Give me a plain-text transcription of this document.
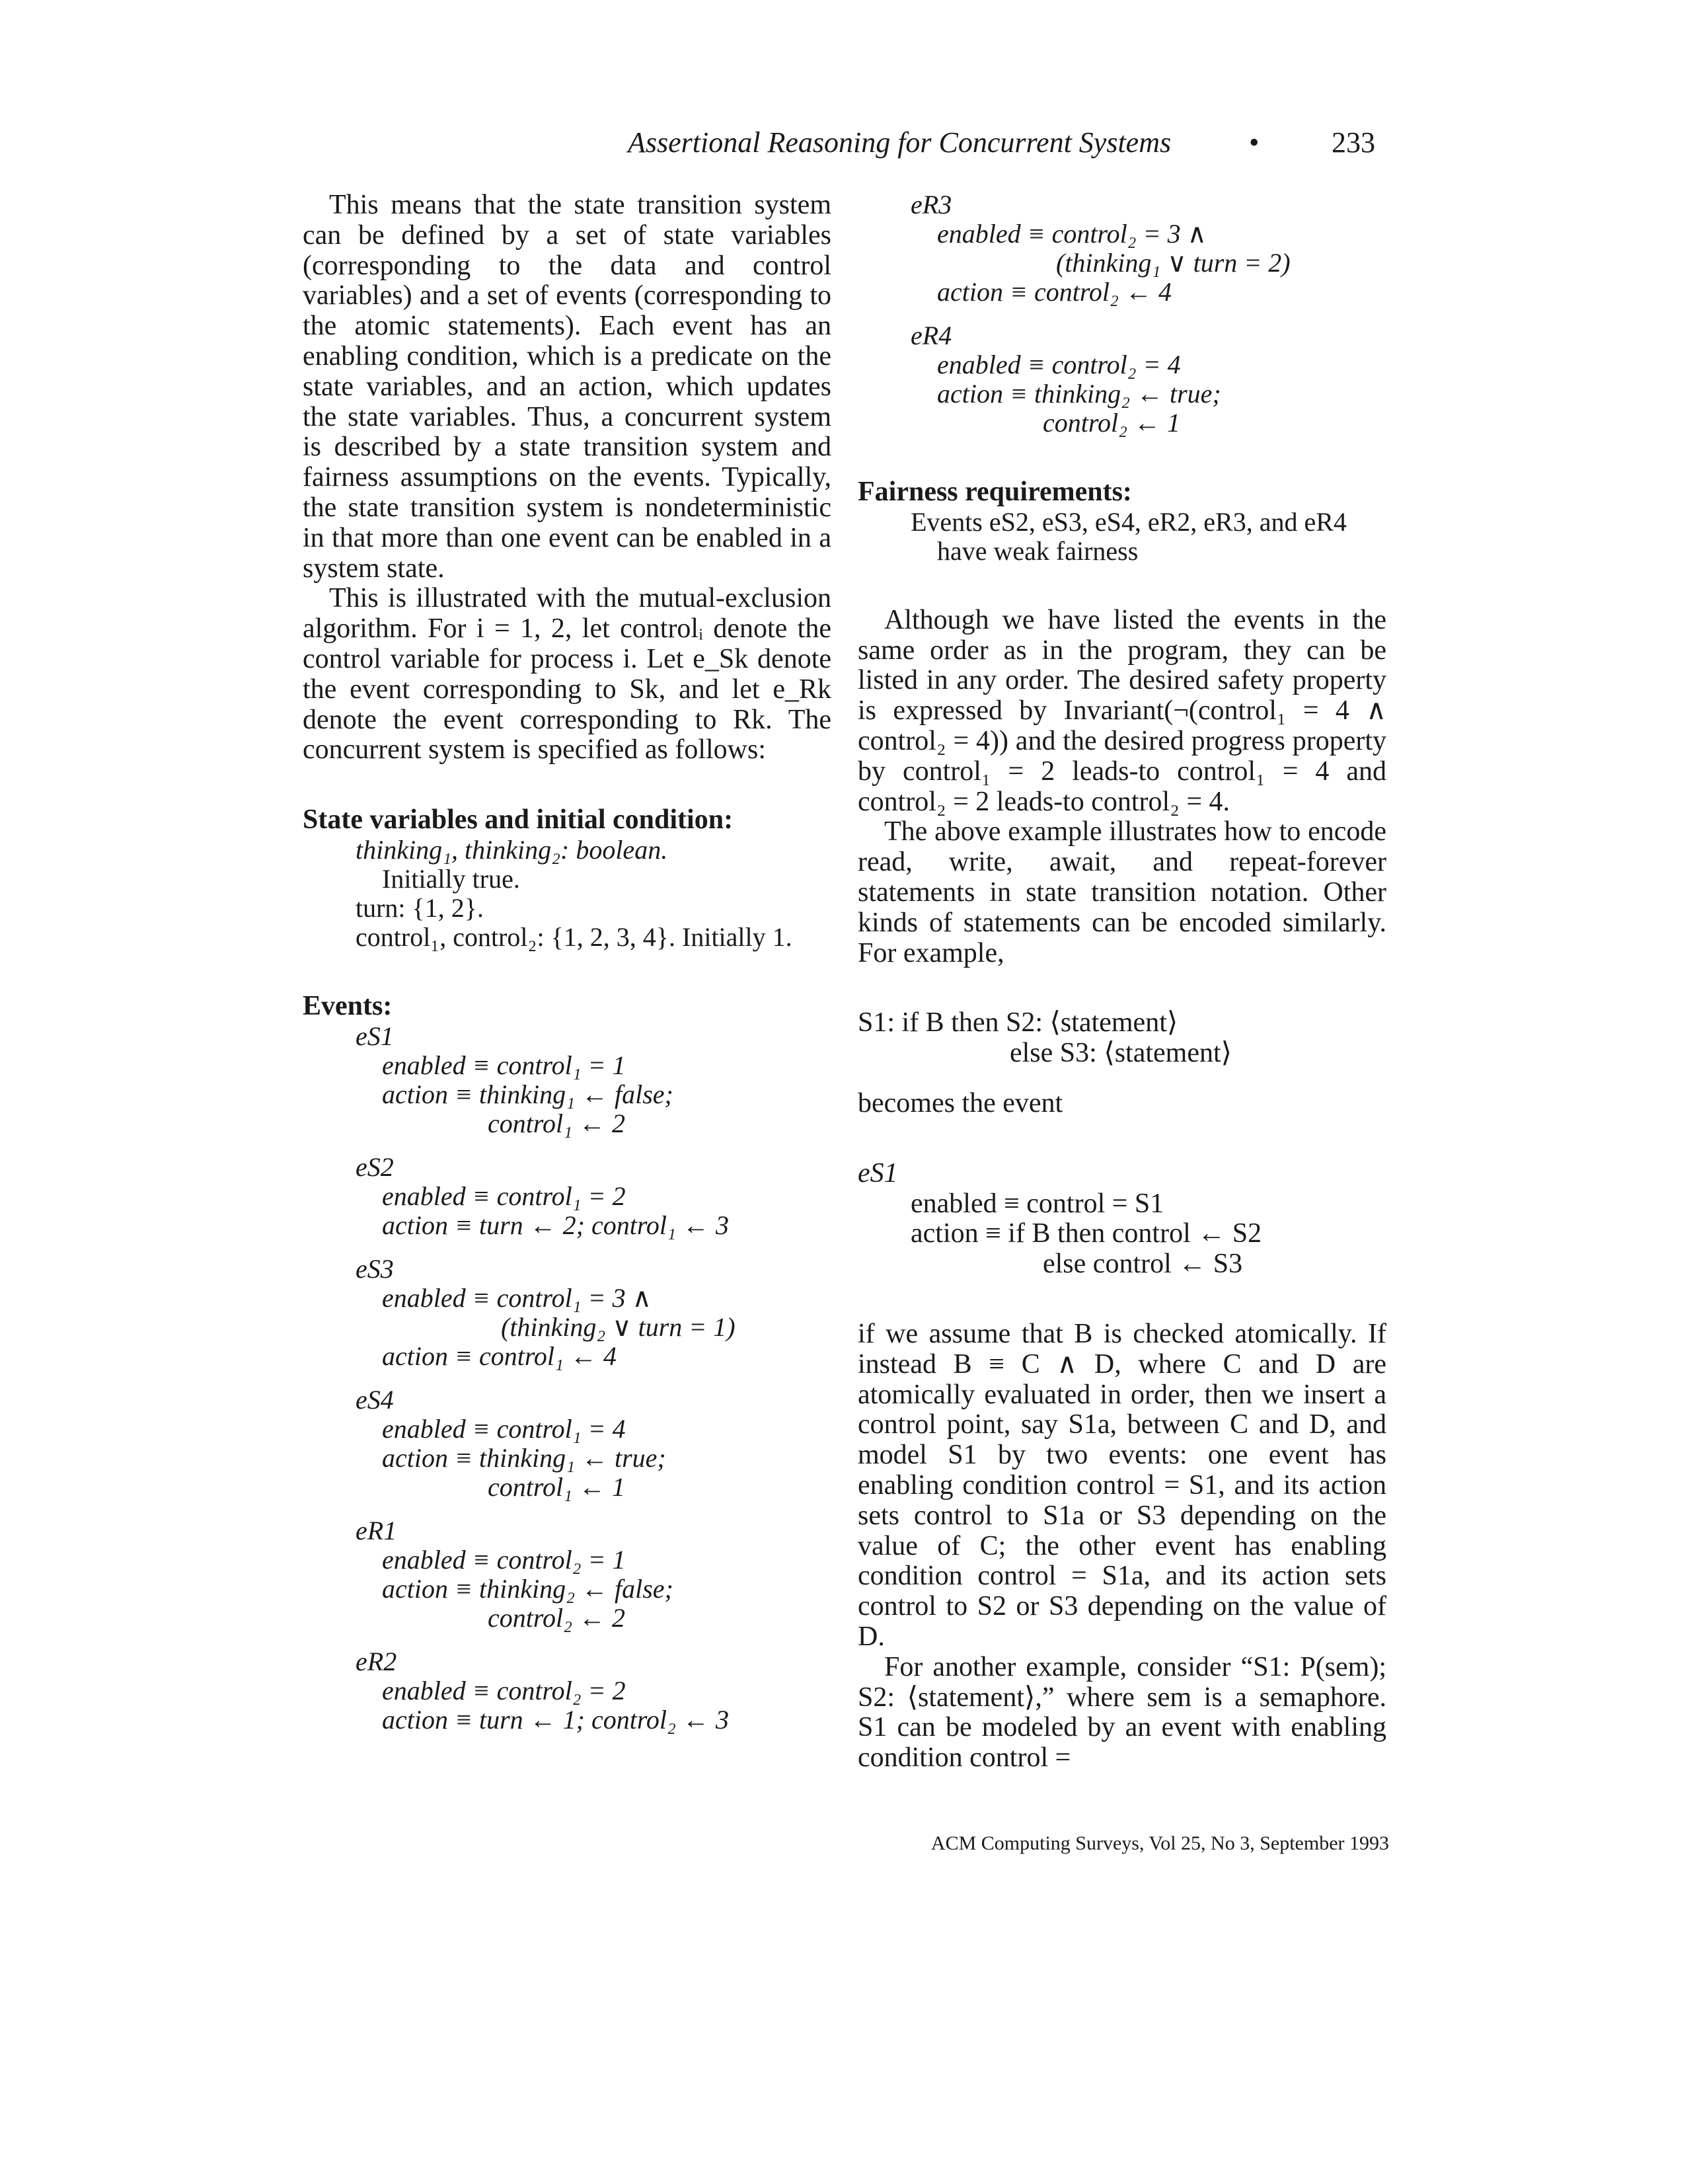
Assertional Reasoning for Concurrent Systems	• 233

This means that the state transition system can be defined by a set of state variables (corresponding to the data and control variables) and a set of events (corresponding to the atomic statements). Each event has an enabling condition, which is a predicate on the state variables, and an action, which updates the state variables. Thus, a concurrent system is described by a state transition system and fairness assumptions on the events. Typically, the state transition system is nondeterministic in that more than one event can be enabled in a system state.

This is illustrated with the mutual-exclusion algorithm. For i = 1, 2, let controlᵢ denote the control variable for process i. Let e_Sk denote the event corresponding to Sk, and let e_Rk denote the event corresponding to Rk. The concurrent system is specified as follows:

State variables and initial condition:
thinking₁, thinking₂: boolean.
Initially true.
turn: {1, 2}.
control₁, control₂: {1, 2, 3, 4}. Initially 1.
Events:
eS1
enabled ≡ control₁ = 1
action ≡ thinking₁ ← false;
control₁ ← 2
eS2
enabled ≡ control₁ = 2
action ≡ turn ← 2; control₁ ← 3
eS3
enabled ≡ control₁ = 3 ∧
(thinking₂ ∨ turn = 1)
action ≡ control₁ ← 4
eS4
enabled ≡ control₁ = 4
action ≡ thinking₁ ← true;
control₁ ← 1
eR1
enabled ≡ control₂ = 1
action ≡ thinking₂ ← false;
control₂ ← 2
eR2
enabled ≡ control₂ = 2
action ≡ turn ← 1; control₂ ← 3
eR3
enabled ≡ control₂ = 3 ∧
(thinking₁ ∨ turn = 2)
action ≡ control₂ ← 4
eR4
enabled ≡ control₂ = 4
action ≡ thinking₂ ← true;
control₂ ← 1
Fairness requirements:
Events eS2, eS3, eS4, eR2, eR3, and eR4
have weak fairness

Although we have listed the events in the same order as in the program, they can be listed in any order. The desired safety property is expressed by Invariant(¬(control₁ = 4 ∧ control₂ = 4)) and the desired progress property by control₁ = 2 leads-to control₁ = 4 and control₂ = 2 leads-to control₂ = 4.

The above example illustrates how to encode read, write, await, and repeat-forever statements in state transition notation. Other kinds of statements can be encoded similarly. For example,

S1: if B then S2: ⟨statement⟩
else S3: ⟨statement⟩
becomes the event
eS1
enabled ≡ control = S1
action ≡ if B then control ← S2
else control ← S3

if we assume that B is checked atomically. If instead B ≡ C ∧ D, where C and D are atomically evaluated in order, then we insert a control point, say S1a, between C and D, and model S1 by two events: one event has enabling condition control = S1, and its action sets control to S1a or S3 depending on the value of C; the other event has enabling condition control = S1a, and its action sets control to S2 or S3 depending on the value of D.

For another example, consider “S1: P(sem); S2: ⟨statement⟩,” where sem is a semaphore. S1 can be modeled by an event with enabling condition control =

ACM Computing Surveys, Vol 25, No 3, September 1993
